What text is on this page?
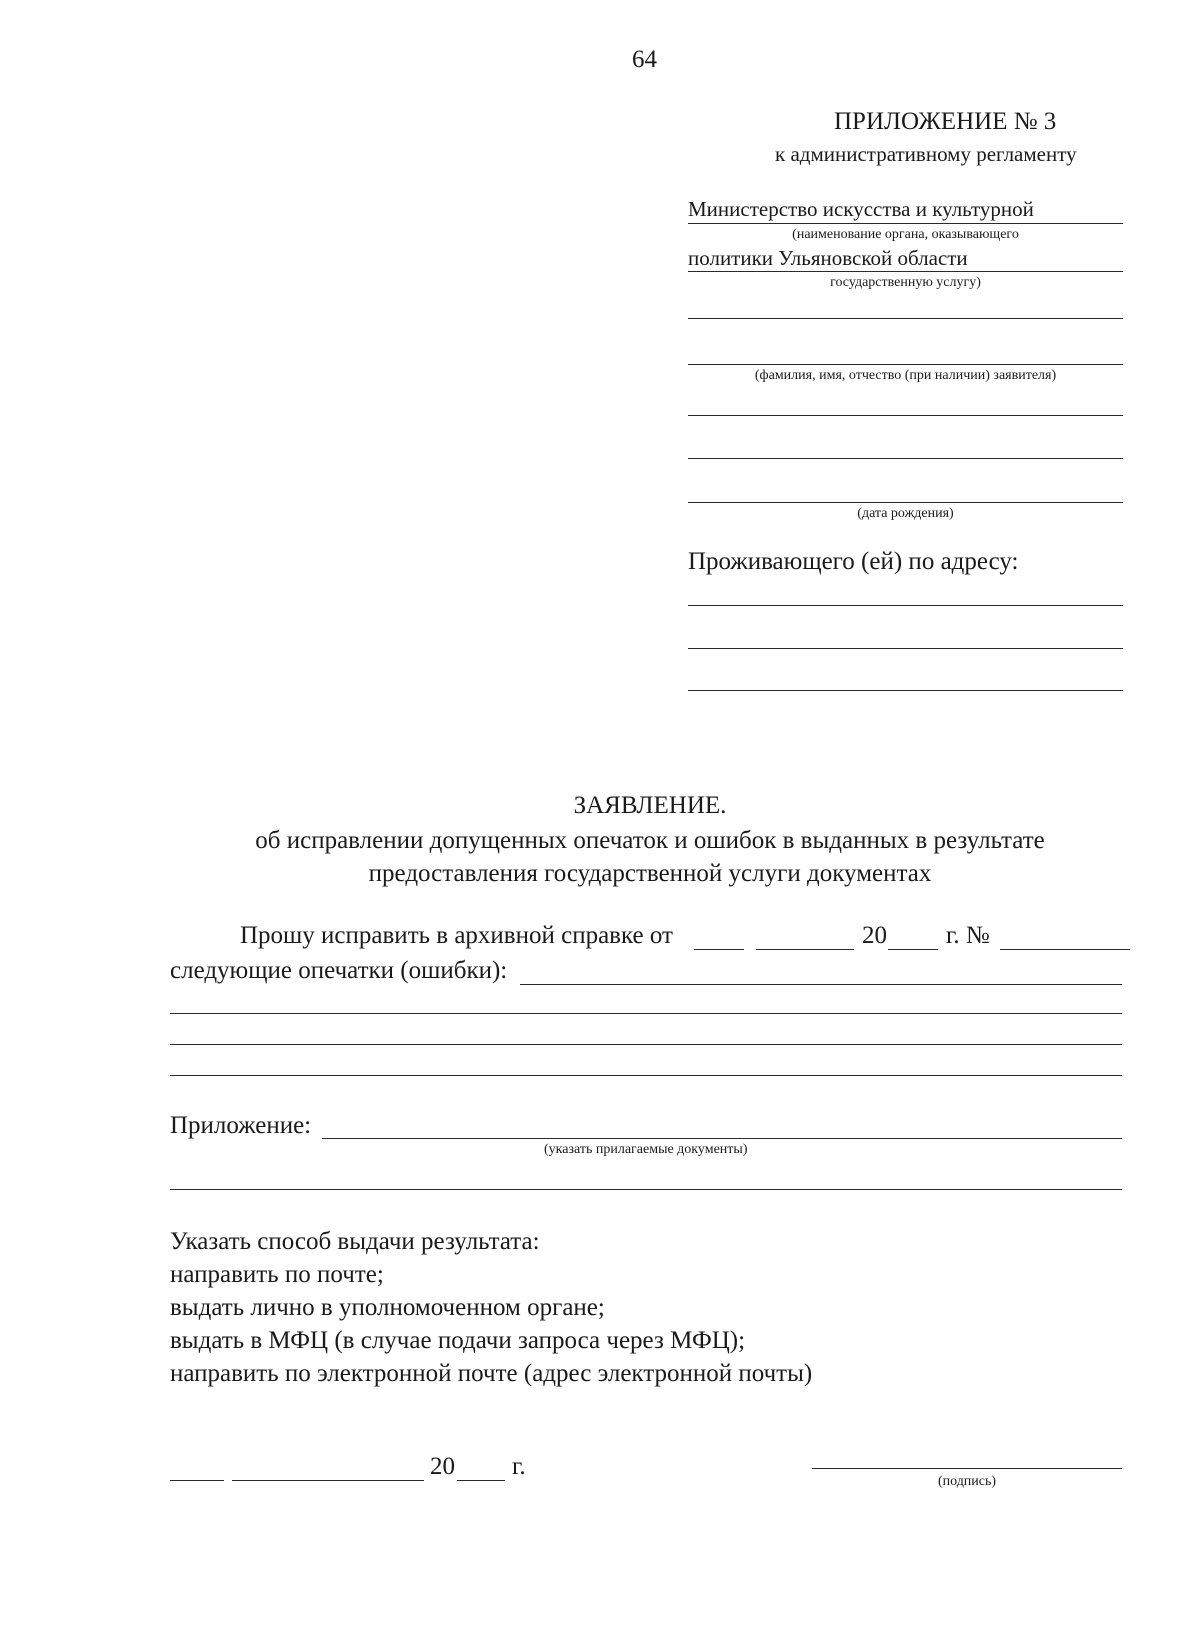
64
ПРИЛОЖЕНИЕ № 3
к административному регламенту
Министерство искусства и культурной
(наименование органа, оказывающего
политики Ульяновской области
государственную услугу)
(фамилия, имя, отчество (при наличии) заявителя)
(дата рождения)
Проживающего (ей) по адресу:
ЗАЯВЛЕНИЕ.
об исправлении допущенных опечаток и ошибок в выданных в результате
предоставления государственной услуги документах
Прошу исправить в архивной справке от	20 г. №
следующие опечатки (ошибки):
Приложение:
(указать прилагаемые документы)
Указать способ выдачи результата:
направить по почте;
выдать лично в уполномоченном органе;
выдать в МФЦ (в случае подачи запроса через МФЦ);
направить по электронной почте (адрес электронной почты)
20 г.
(подпись)
